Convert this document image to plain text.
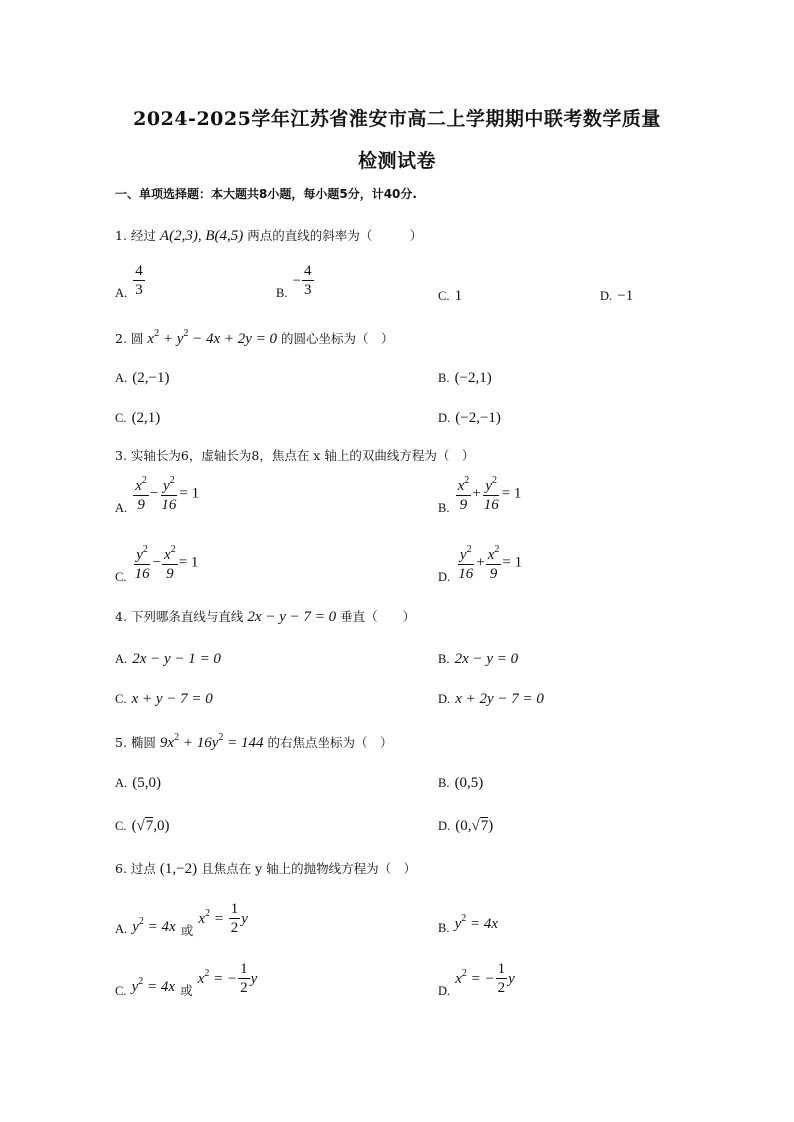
2024-2025学年江苏省淮安市高二上学期期中联考数学质量
检测试卷
一、单项选择题：本大题共8小题，每小题5分，计40分.
1. 经过 A(2,3), B(4,5) 两点的直线的斜率为（　　　）
$_{A.} \frac{4}{3}$	$_{B.} - \frac{4}{3}$	C. 1	D. −1
2. 圆 $x^2 + y^2 - 4x + 2y = 0$ 的圆心坐标为（　）
A. (2,−1)	B. (−2,1)
C. (2,1)	D. (−2,−1)
3. 实轴长为6，虚轴长为8，焦点在 x 轴上的双曲线方程为（　）
$_{A.} \frac{x^2}{9} - \frac{y^2}{16} = 1$
$_{B.} \frac{x^2}{9} + \frac{y^2}{16} = 1$
$_{C.} \frac{y^2}{16} - \frac{x^2}{9} = 1$
$_{D.} \frac{y^2}{16} + \frac{x^2}{9} = 1$
4. 下列哪条直线与直线 2x − y − 7 = 0 垂直（　　）
A. 2x − y − 1 = 0	B. 2x − y = 0
C. x + y − 7 = 0	D. x + 2y − 7 = 0
5. 椭圆 $9x^2 + 16y^2 = 144$ 的右焦点坐标为（　）
A. (5,0)	B. (0,5)
C. (√7,0)	D. (0,√7)
6. 过点 (1,−2) 且焦点在 y 轴上的抛物线方程为（　）
$_{A.}$ $y^2 = 4x$ $_或$ $x^2 = \frac{1}{2}$ y
$_{B.}$ $y^2 = 4x$
$_{C.}$ $y^2 = 4x$ $_或$ $x^2$ = − $\frac{1}{2}$ y
$_{D.}$ $x^2$ = − $\frac{1}{2}$ y
